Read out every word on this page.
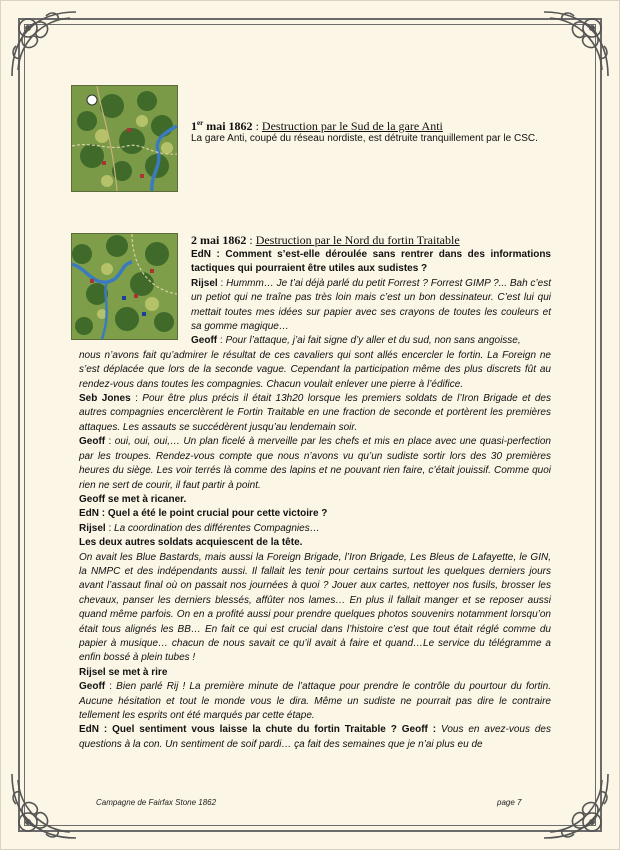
1er mai 1862 : Destruction par le Sud de la gare Anti
La gare Anti, coupé du réseau nordiste, est détruite tranquillement par le CSC.
2 mai 1862 : Destruction par le Nord du fortin Traitable

EdN : Comment s’est-elle déroulée sans rentrer dans des informations tactiques qui pourraient être utiles aux sudistes ?

Rijsel : Hummm… Je t’ai déjà parlé du petit Forrest ? Forrest GIMP ?... Bah c’est un petiot qui ne traîne pas très loin mais c’est un bon dessinateur. C’est lui qui mettait toutes mes idées sur papier avec ses crayons de toutes les couleurs et sa gomme magique…

Geoff : Pour l’attaque, j’ai fait signe d’y aller et du sud, non sans angoisse,

nous n’avons fait qu’admirer le résultat de ces cavaliers qui sont allés encercler le fortin. La Foreign ne s’est déplacée que lors de la seconde vague. Cependant la participation même des plus discrets fût au rendez-vous dans toutes les compagnies. Chacun voulait enlever une pierre à l’édifice.

Seb Jones : Pour être plus précis il était 13h20 lorsque les premiers soldats de l’Iron Brigade et des autres compagnies encerclèrent le Fortin Traitable en une fraction de seconde et portèrent les premières attaques. Les assauts se succédèrent jusqu’au lendemain soir.

Geoff : oui, oui, oui,… Un plan ficelé à merveille par les chefs et mis en place avec une quasi-perfection par les troupes. Rendez-vous compte que nous n’avons vu qu’un sudiste sortir lors des 30 premières heures du siège. Les voir terrés là comme des lapins et ne pouvant rien faire, c’était jouissif. Comme quoi rien ne sert de courir, il faut partir à point.

Geoff se met à ricaner.

EdN : Quel a été le point crucial pour cette victoire ?

Rijsel : La coordination des différentes Compagnies…

Les deux autres soldats acquiescent de la tête.

On avait les Blue Bastards, mais aussi la Foreign Brigade, l’Iron Brigade, Les Bleus de Lafayette, le GIN, la NMPC et des indépendants aussi. Il fallait les tenir pour certains surtout les quelques derniers jours avant l’assaut final où on passait nos journées à quoi ? Jouer aux cartes, nettoyer nos fusils, brosser les chevaux, panser les derniers blessés, affûter nos lames… En plus il fallait manger et se reposer aussi quand même parfois. On en a profité aussi pour prendre quelques photos souvenirs notamment lorsqu’on était tous alignés les BB… En fait ce qui est crucial dans l’histoire c’est que tout était réglé comme du papier à musique… chacun de nous savait ce qu’il avait à faire et quand…Le service du télégramme a enfin bossé à plein tubes !

Rijsel se met à rire

Geoff : Bien parlé Rij ! La première minute de l’attaque pour prendre le contrôle du pourtour du fortin. Aucune hésitation et tout le monde vous le dira. Même un sudiste ne pourrait pas dire le contraire tellement les esprits ont été marqués par cette étape.

EdN : Quel sentiment vous laisse la chute du fortin Traitable ? Geoff : Vous en avez-vous des questions à la con. Un sentiment de soif pardi… ça fait des semaines que je n’ai plus eu de

Campagne de Fairfax Stone 1862	page 7
